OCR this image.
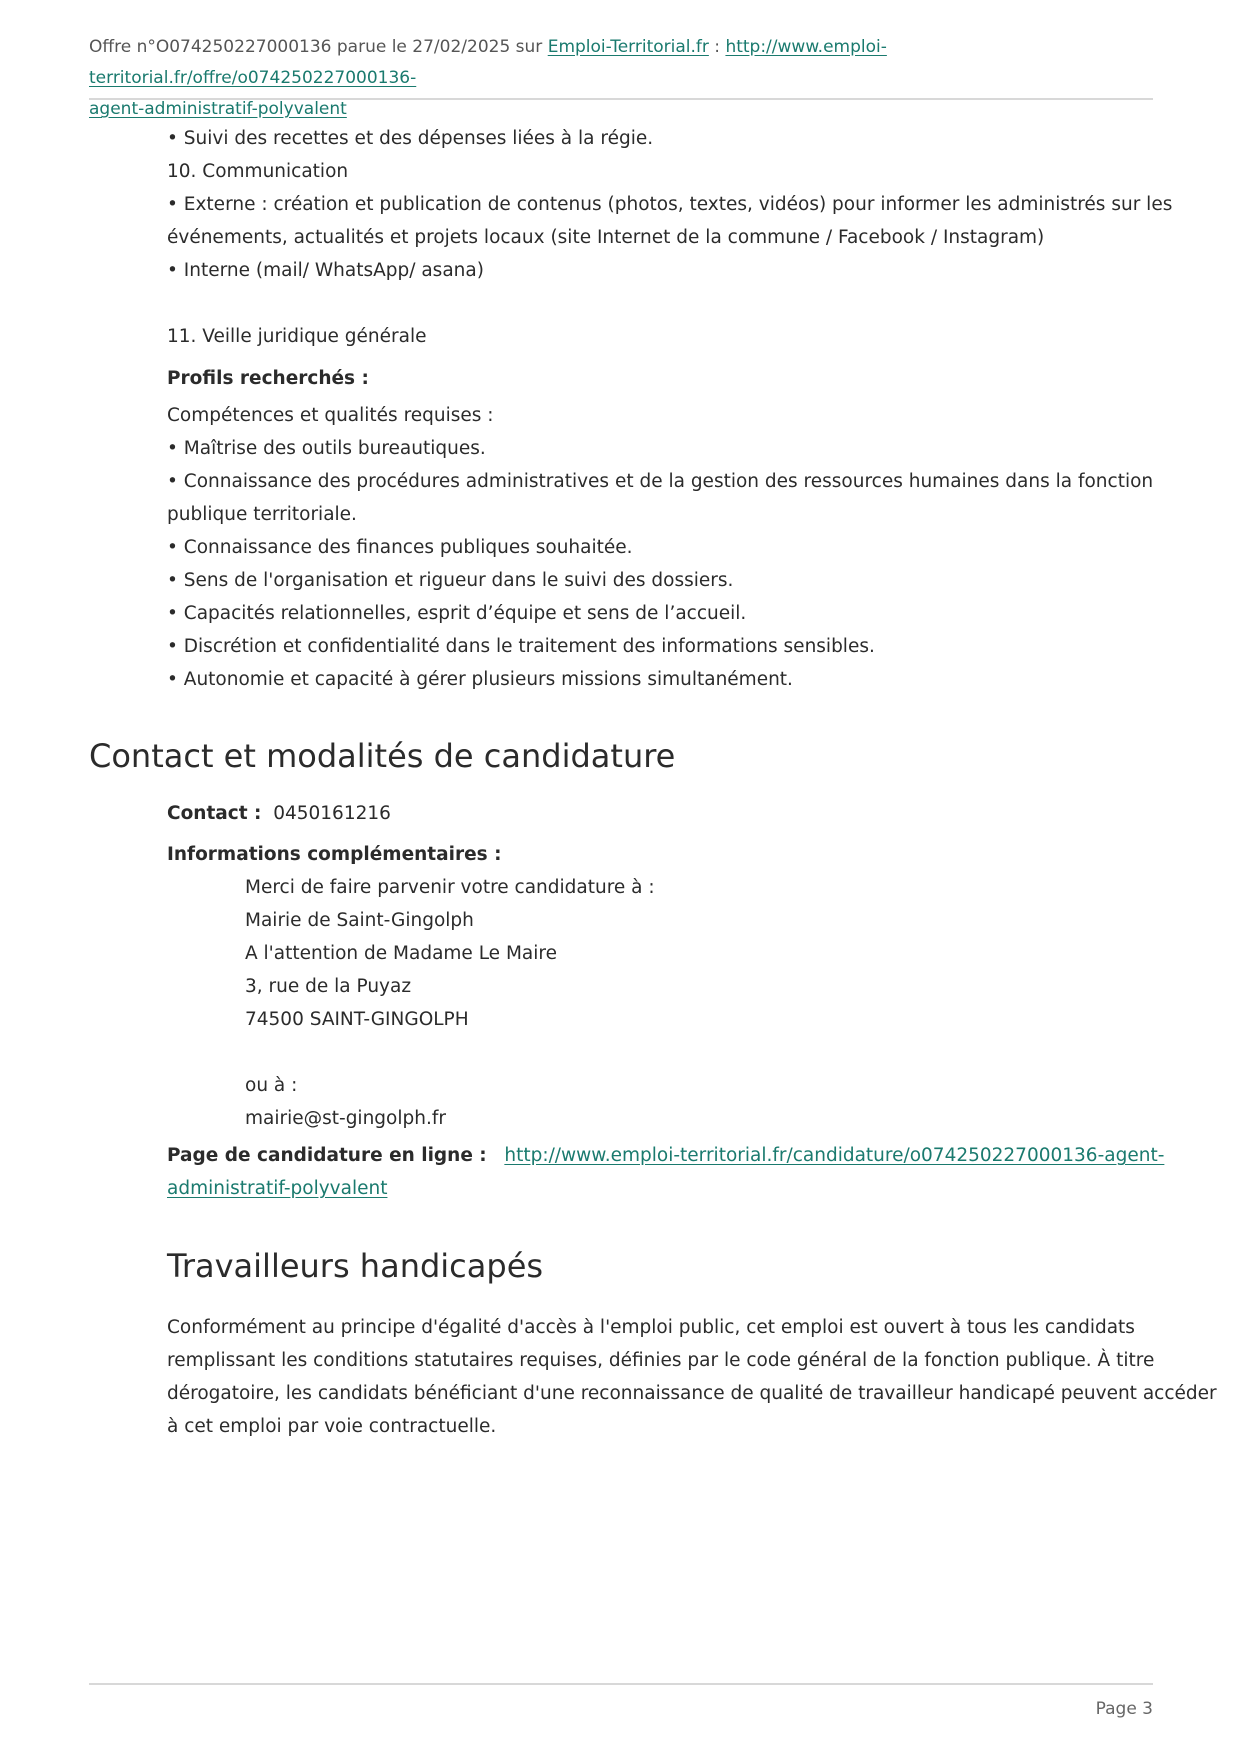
Offre n°O074250227000136 parue le 27/02/2025 sur Emploi-Territorial.fr : http://www.emploi-territorial.fr/offre/o074250227000136-
agent-administratif-polyvalent
• Suivi des recettes et des dépenses liées à la régie.
10. Communication
• Externe : création et publication de contenus (photos, textes, vidéos) pour informer les administrés sur les
événements, actualités et projets locaux (site Internet de la commune / Facebook / Instagram)
• Interne (mail/ WhatsApp/ asana)
11. Veille juridique générale
Profils recherchés :
Compétences et qualités requises :
• Maîtrise des outils bureautiques.
• Connaissance des procédures administratives et de la gestion des ressources humaines dans la fonction
publique territoriale.
• Connaissance des finances publiques souhaitée.
• Sens de l'organisation et rigueur dans le suivi des dossiers.
• Capacités relationnelles, esprit d’équipe et sens de l’accueil.
• Discrétion et confidentialité dans le traitement des informations sensibles.
• Autonomie et capacité à gérer plusieurs missions simultanément.
Contact et modalités de candidature
Contact : 0450161216
Informations complémentaires :
Merci de faire parvenir votre candidature à :
Mairie de Saint-Gingolph
A l'attention de Madame Le Maire
3, rue de la Puyaz
74500 SAINT-GINGOLPH
ou à :
mairie@st-gingolph.fr
Page de candidature en ligne : http://www.emploi-territorial.fr/candidature/o074250227000136-agent-
administratif-polyvalent
Travailleurs handicapés
Conformément au principe d'égalité d'accès à l'emploi public, cet emploi est ouvert à tous les candidats
remplissant les conditions statutaires requises, définies par le code général de la fonction publique. À titre
dérogatoire, les candidats bénéficiant d'une reconnaissance de qualité de travailleur handicapé peuvent accéder
à cet emploi par voie contractuelle.
Page 3
